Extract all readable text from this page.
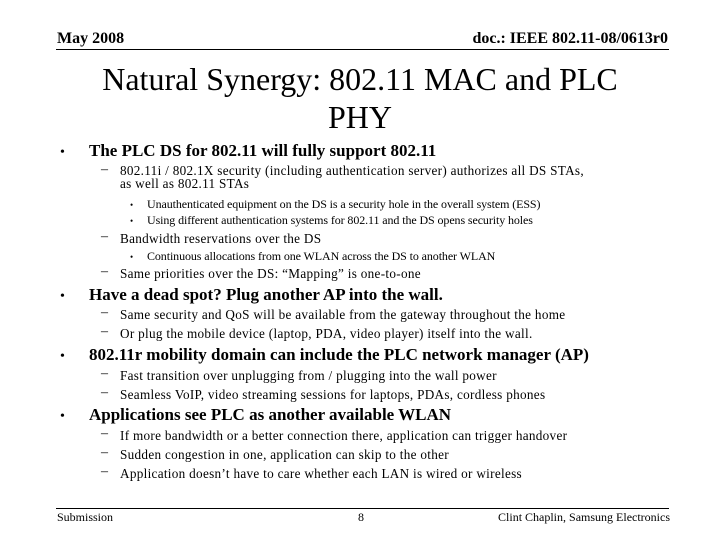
May 2008	doc.: IEEE 802.11-08/0613r0
Natural Synergy: 802.11 MAC and PLC
PHY
• The PLC DS for 802.11 will fully support 802.11
– 802.11i / 802.1X security (including authentication server) authorizes all DS STAs,
as well as 802.11 STAs
• Unauthenticated equipment on the DS is a security hole in the overall system (ESS)
• Using different authentication systems for 802.11 and the DS opens security holes
– Bandwidth reservations over the DS
• Continuous allocations from one WLAN across the DS to another WLAN
– Same priorities over the DS: “Mapping” is one-to-one
• Have a dead spot? Plug another AP into the wall.
– Same security and QoS will be available from the gateway throughout the home
– Or plug the mobile device (laptop, PDA, video player) itself into the wall.
• 802.11r mobility domain can include the PLC network manager (AP)
– Fast transition over unplugging from / plugging into the wall power
– Seamless VoIP, video streaming sessions for laptops, PDAs, cordless phones
• Applications see PLC as another available WLAN
– If more bandwidth or a better connection there, application can trigger handover
– Sudden congestion in one, application can skip to the other
– Application doesn’t have to care whether each LAN is wired or wireless
Submission	8	Clint Chaplin, Samsung Electronics
